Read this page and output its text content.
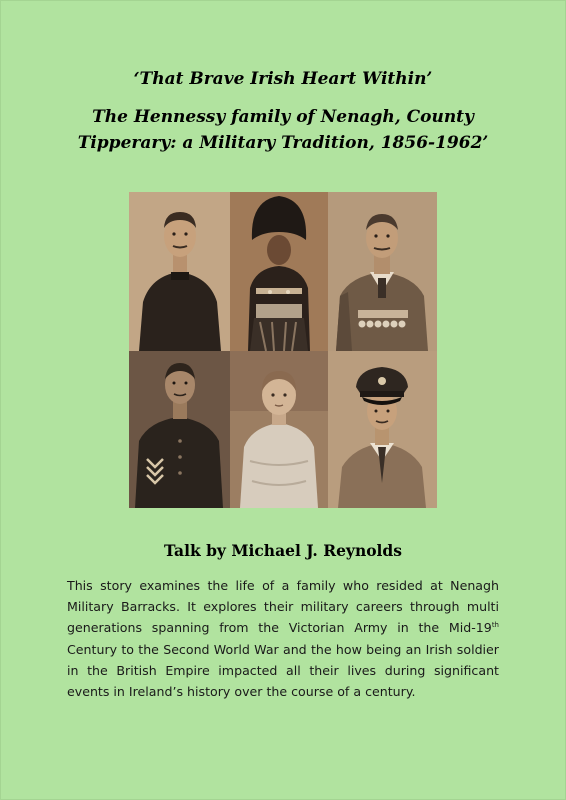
‘That Brave Irish Heart Within’
The Hennessy family of Nenagh, County Tipperary: a Military Tradition, 1856-1962’
Talk by Michael J. Reynolds
This story examines the life of a family who resided at Nenagh Military Barracks. It explores their military careers through multi generations spanning from the Victorian Army in the Mid-19th Century to the Second World War and the how being an Irish soldier in the British Empire impacted all their lives during significant events in Ireland’s history over the course of a century.
